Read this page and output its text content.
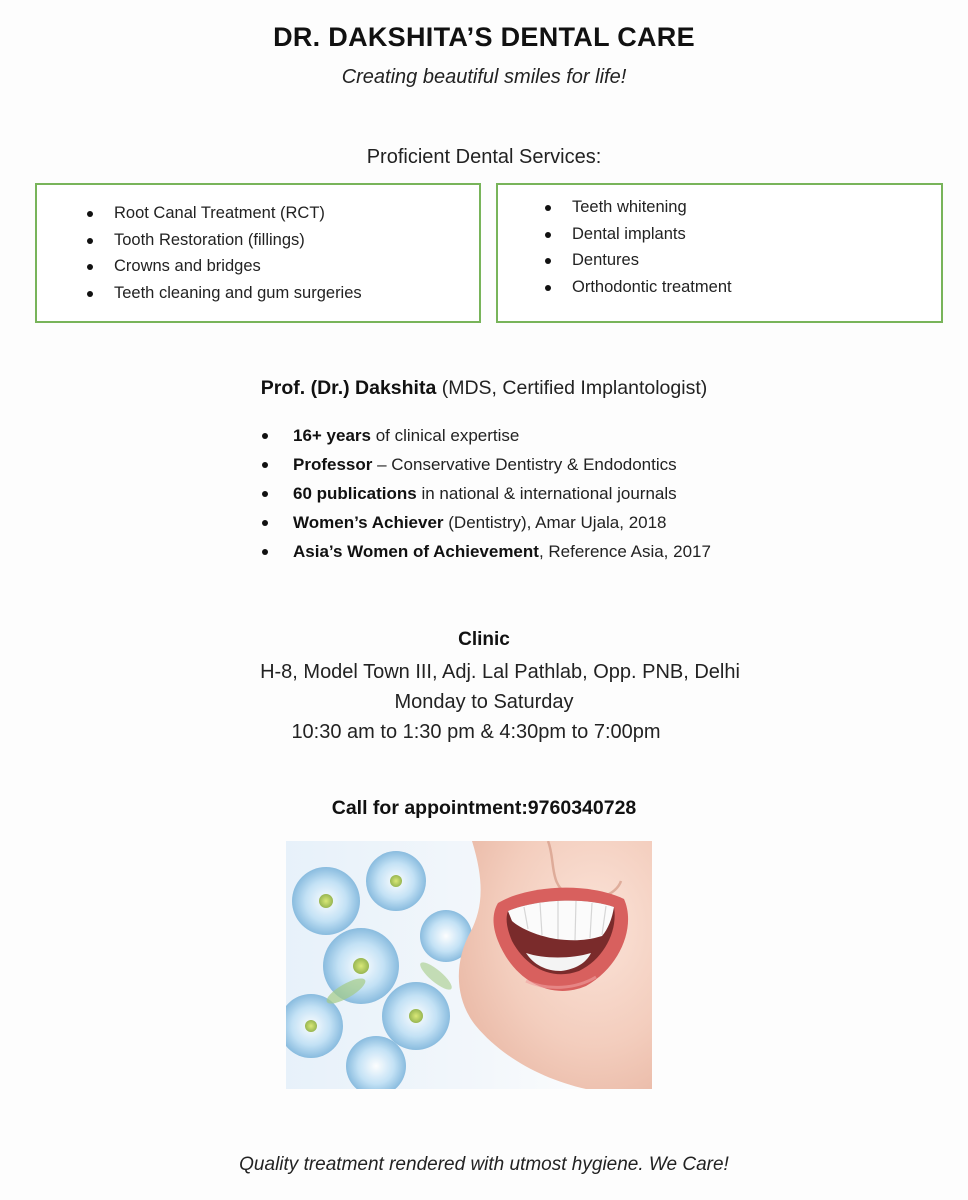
DR. DAKSHITA’S DENTAL CARE
Creating beautiful smiles for life!
Proficient Dental Services:
Root Canal Treatment (RCT)
Tooth Restoration (fillings)
Crowns and bridges
Teeth cleaning and gum surgeries
Teeth whitening
Dental implants
Dentures
Orthodontic treatment
Prof. (Dr.) Dakshita (MDS, Certified Implantologist)
16+ years of clinical expertise
Professor – Conservative Dentistry & Endodontics
60 publications in national & international journals
Women’s Achiever (Dentistry), Amar Ujala, 2018
Asia’s Women of Achievement, Reference Asia, 2017
Clinic
H-8, Model Town III, Adj. Lal Pathlab, Opp. PNB, Delhi
Monday to Saturday
10:30 am to 1:30 pm & 4:30pm to 7:00pm
Call for appointment:9760340728
Quality treatment rendered with utmost hygiene. We Care!
